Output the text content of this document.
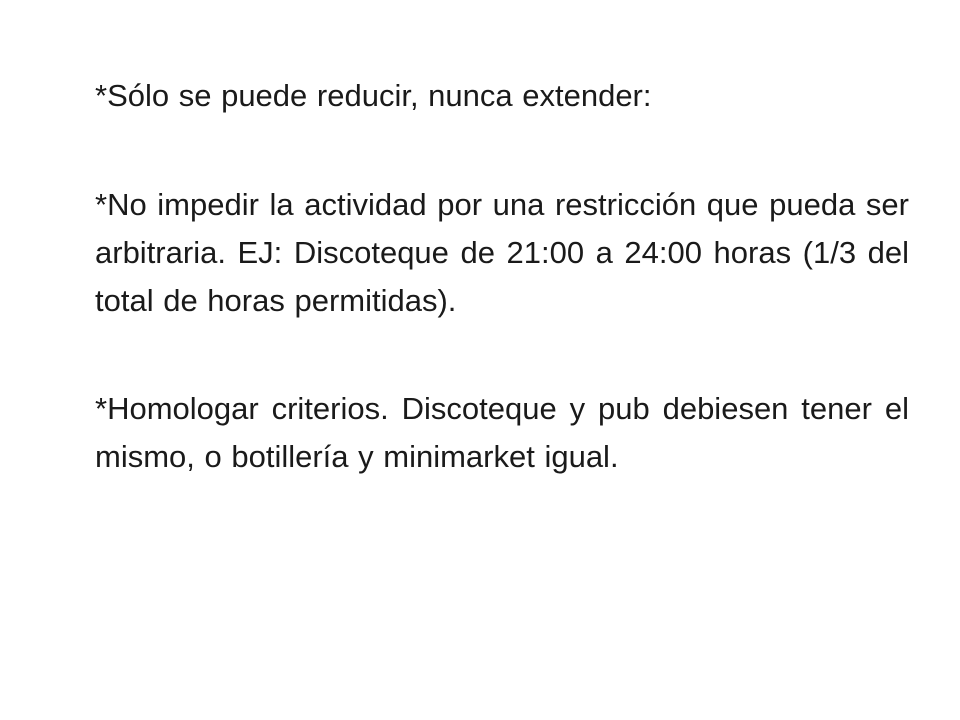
*Sólo se puede reducir, nunca extender:

*No impedir la actividad por una restricción que pueda ser arbitraria. EJ: Discoteque de 21:00 a 24:00 horas (1/3 del total de horas permitidas).

*Homologar criterios. Discoteque y pub debiesen tener el mismo, o botillería y minimarket igual.
